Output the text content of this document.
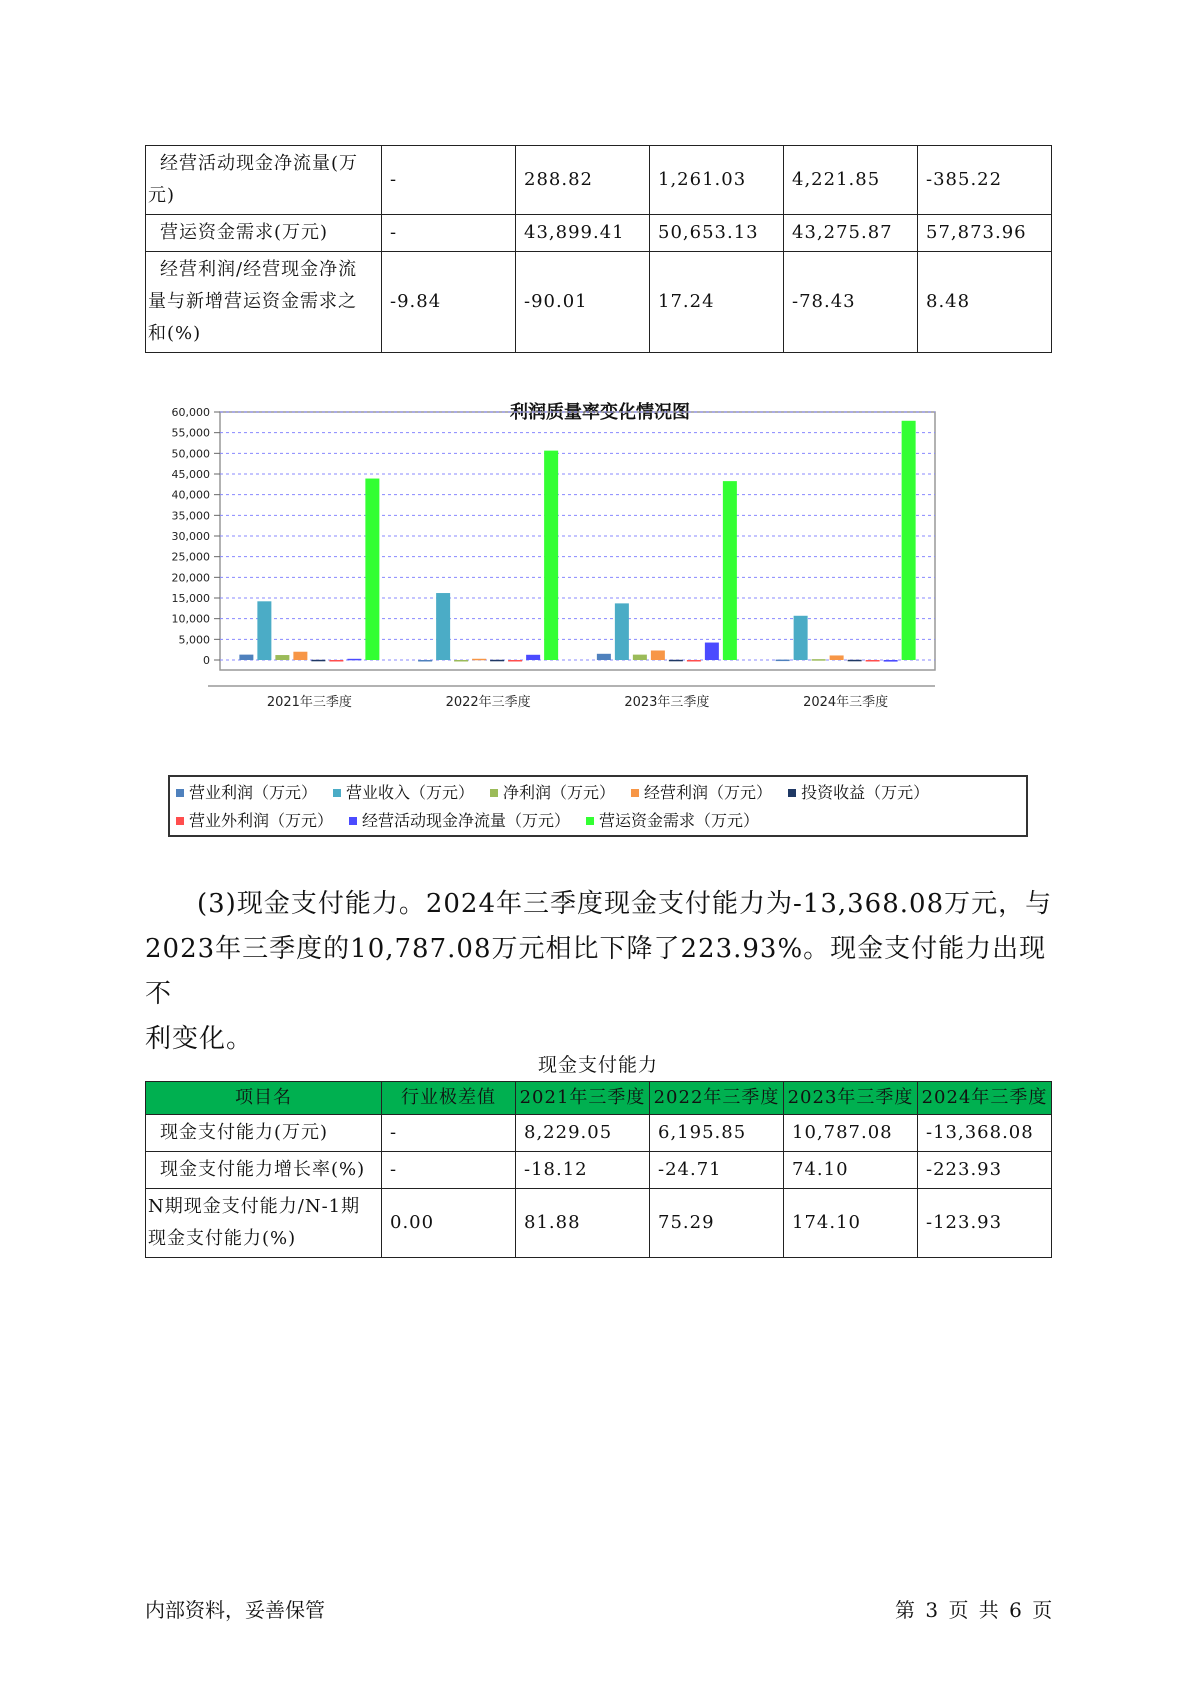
经营活动现金净流量(万元)	-	288.82	1,261.03	4,221.85	-385.22
营运资金需求(万元)	-	43,899.41	50,653.13	43,275.87	57,873.96
经营利润/经营现金净流量与新增营运资金需求之和(%)	-9.84	-90.01	17.24	-78.43	8.48
利润质量率变化情况图
0
5,000
10,000
15,000
20,000
25,000
30,000
35,000
40,000
45,000
50,000
55,000
60,000
2021年三季度	2022年三季度	2023年三季度	2024年三季度
营业利润（万元） 营业收入（万元） 净利润（万元） 经营利润（万元） 投资收益（万元）
营业外利润（万元） 经营活动现金净流量（万元） 营运资金需求（万元）
(3)现金支付能力。2024年三季度现金支付能力为-13,368.08万元，与
2023年三季度的10,787.08万元相比下降了223.93%。现金支付能力出现不
利变化。
现金支付能力
项目名	行业极差值	2021年三季度	2022年三季度	2023年三季度	2024年三季度
现金支付能力(万元)	-	8,229.05	6,195.85	10,787.08	-13,368.08
现金支付能力增长率(%)	-	-18.12	-24.71	74.10	-223.93
N期现金支付能力/N-1期现金支付能力(%)	0.00	81.88	75.29	174.10	-123.93
内部资料，妥善保管	第 3 页 共 6 页
